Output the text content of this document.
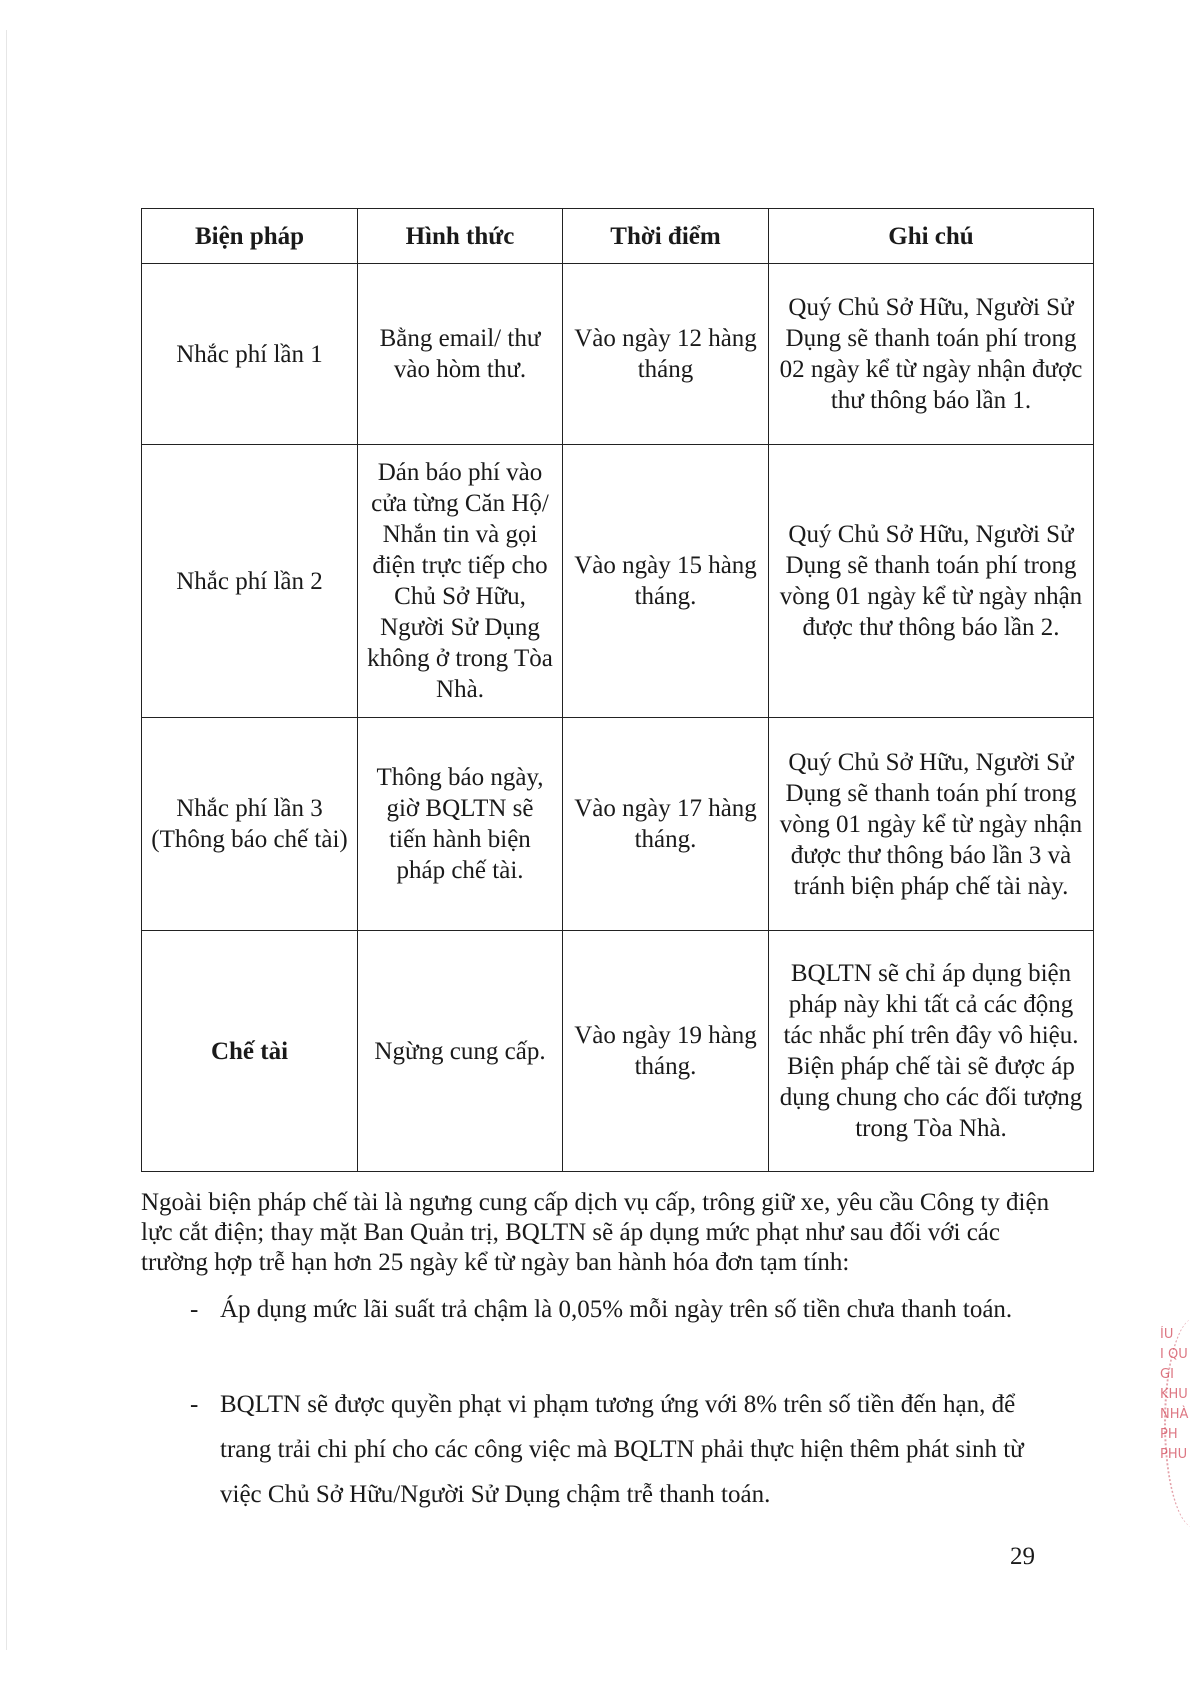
Biện pháp	Hình thức	Thời điểm	Ghi chú
Nhắc phí lần 1	Bằng email/ thư vào hòm thư.	Vào ngày 12 hàng tháng	Quý Chủ Sở Hữu, Người Sử Dụng sẽ thanh toán phí trong 02 ngày kể từ ngày nhận được thư thông báo lần 1.
Nhắc phí lần 2	Dán báo phí vào cửa từng Căn Hộ/ Nhắn tin và gọi điện trực tiếp cho Chủ Sở Hữu, Người Sử Dụng không ở trong Tòa Nhà.	Vào ngày 15 hàng tháng.	Quý Chủ Sở Hữu, Người Sử Dụng sẽ thanh toán phí trong vòng 01 ngày kể từ ngày nhận được thư thông báo lần 2.
Nhắc phí lần 3 (Thông báo chế tài)	Thông báo ngày, giờ BQLTN sẽ tiến hành biện pháp chế tài.	Vào ngày 17 hàng tháng.	Quý Chủ Sở Hữu, Người Sử Dụng sẽ thanh toán phí trong vòng 01 ngày kể từ ngày nhận được thư thông báo lần 3 và tránh biện pháp chế tài này.
Chế tài	Ngừng cung cấp.	Vào ngày 19 hàng tháng.	BQLTN sẽ chỉ áp dụng biện pháp này khi tất cả các động tác nhắc phí trên đây vô hiệu. Biện pháp chế tài sẽ được áp dụng chung cho các đối tượng trong Tòa Nhà.
Ngoài biện pháp chế tài là ngưng cung cấp dịch vụ cấp, trông giữ xe, yêu cầu Công ty điện lực cắt điện; thay mặt Ban Quản trị, BQLTN sẽ áp dụng mức phạt như sau đối với các trường hợp trễ hạn hơn 25 ngày kể từ ngày ban hành hóa đơn tạm tính:
- Áp dụng mức lãi suất trả chậm là 0,05% mỗi ngày trên số tiền chưa thanh toán.
- BQLTN sẽ được quyền phạt vi phạm tương ứng với 8% trên số tiền đến hạn, để trang trải chi phí cho các công việc mà BQLTN phải thực hiện thêm phát sinh từ việc Chủ Sở Hữu/Người Sử Dụng chậm trễ thanh toán.
29
ÍU
I QU
GI
KHU
NHÀ
PH
PHU
